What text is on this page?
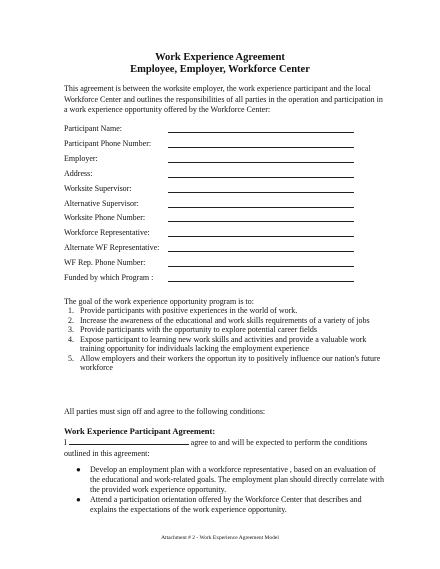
Work Experience Agreement
Employee, Employer, Workforce Center
This agreement is between the worksite employer, the work experience participant and the local Workforce Center and outlines the responsibilities of all parties in the operation and participation in a work experience opportunity offered by the Workforce Center:
Participant Name:
Participant Phone Number:
Employer:
Address:
Worksite Supervisor:
Alternative Supervisor:
Worksite Phone Number:
Workforce Representative:
Alternate WF Representative:
WF Rep. Phone Number:
Funded by which Program :
The goal of the work experience opportunity program is to:
1. Provide participants with positive experiences in the world of work.
2. Increase the awareness of the educational and work skills requirements of a variety of jobs
3. Provide participants with the opportunity to explore potential career fields
4. Expose participant to learning new work skills and activities and provide a valuable work training opportunity for individuals lacking the employment experience
5. Allow employers and their workers the opportun ity to positively influence our nation's future workforce
All parties must sign off and agree to the following conditions:
Work Experience Participant Agreement:
I	agree to and will be expected to perform the conditions outlined in this agreement:
● Develop an employment plan with a workforce representative , based on an evaluation of the educational and work-related goals. The employment plan should directly correlate with the provided work experience opportunity.
● Attend a participation orientation offered by the Workforce Center that describes and explains the expectations of the work experience opportunity.
Attachment # 2 - Work Experience Agreement Model
